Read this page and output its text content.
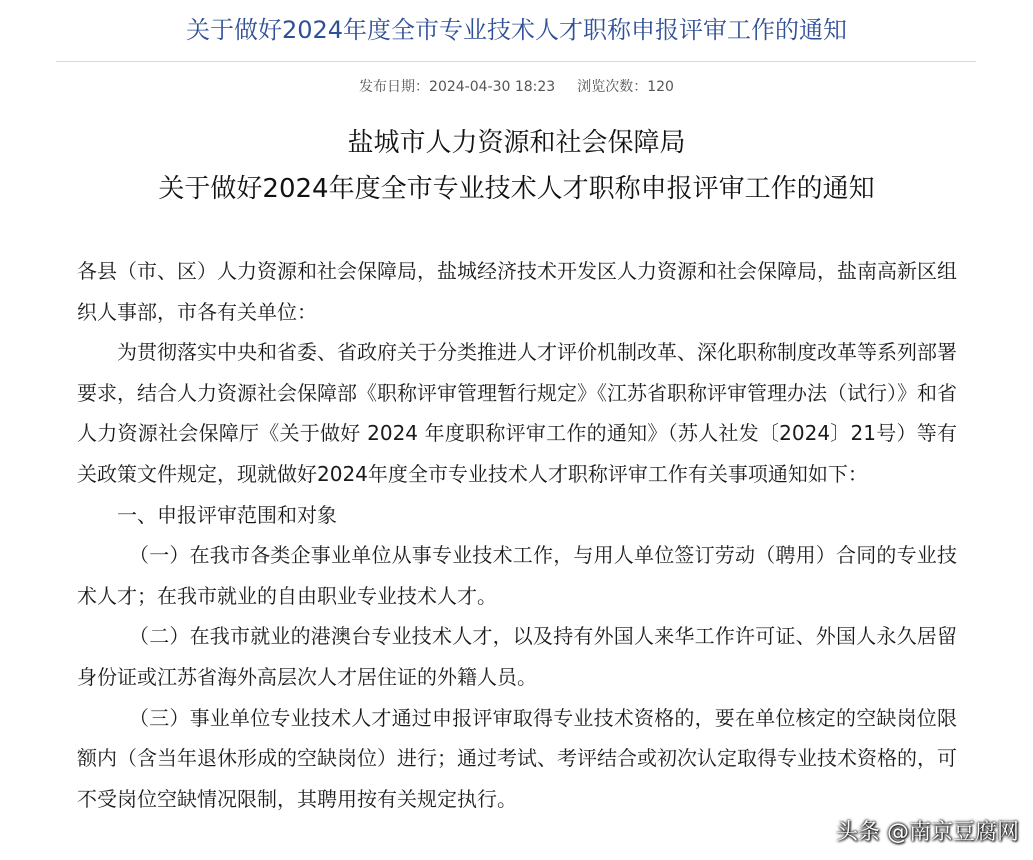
关于做好2024年度全市专业技术人才职称申报评审工作的通知
发布日期：2024-04-30 18:23 浏览次数：120
盐城市人力资源和社会保障局
关于做好2024年度全市专业技术人才职称申报评审工作的通知

各县（市、区）人力资源和社会保障局，盐城经济技术开发区人力资源和社会保障局，盐南高新区组织人事部，市各有关单位：

为贯彻落实中央和省委、省政府关于分类推进人才评价机制改革、深化职称制度改革等系列部署要求，结合人力资源社会保障部《职称评审管理暂行规定》《江苏省职称评审管理办法（试行）》和省人力资源社会保障厅《关于做好 2024 年度职称评审工作的通知》（苏人社发〔2024〕21号）等有关政策文件规定，现就做好2024年度全市专业技术人才职称评审工作有关事项通知如下：

一、申报评审范围和对象

（一）在我市各类企事业单位从事专业技术工作，与用人单位签订劳动（聘用）合同的专业技术人才；在我市就业的自由职业专业技术人才。

（二）在我市就业的港澳台专业技术人才，以及持有外国人来华工作许可证、外国人永久居留身份证或江苏省海外高层次人才居住证的外籍人员。

（三）事业单位专业技术人才通过申报评审取得专业技术资格的，要在单位核定的空缺岗位限额内（含当年退休形成的空缺岗位）进行；通过考试、考评结合或初次认定取得专业技术资格的，可不受岗位空缺情况限制，其聘用按有关规定执行。

头条 @南京豆腐网
